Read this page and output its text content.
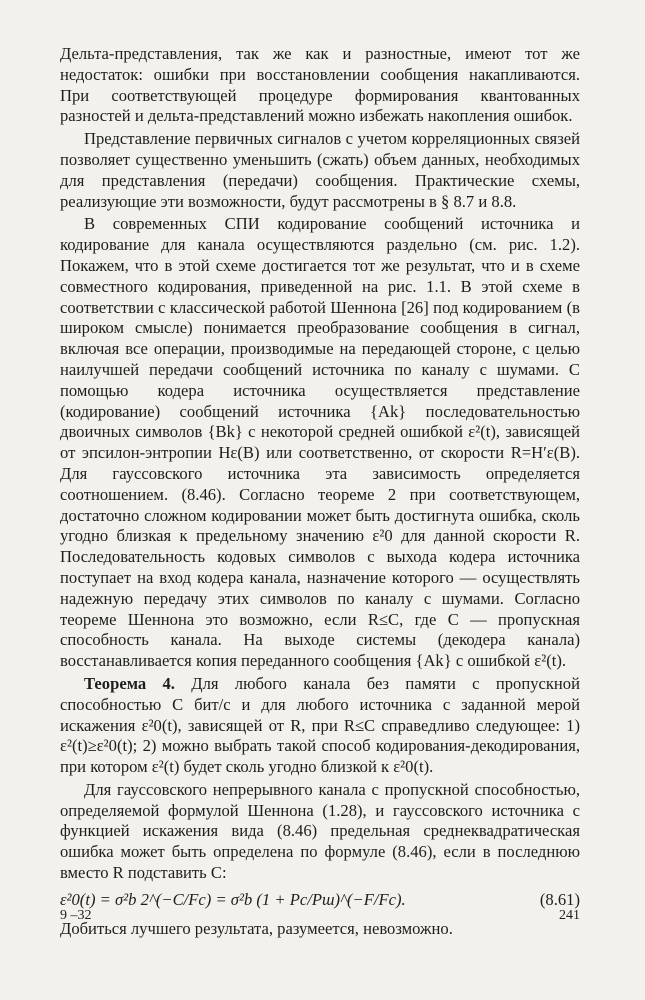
Дельта-представления, так же как и разностные, имеют тот же недостаток: ошибки при восстановлении сообщения накапливаются. При соответствующей процедуре формирования квантованных разностей и дельта-представлений можно избежать накопления ошибок.

Представление первичных сигналов с учетом корреляционных связей позволяет существенно уменьшить (сжать) объем данных, необходимых для представления (передачи) сообщения. Практические схемы, реализующие эти возможности, будут рассмотрены в § 8.7 и 8.8.

В современных СПИ кодирование сообщений источника и кодирование для канала осуществляются раздельно (см. рис. 1.2). Покажем, что в этой схеме достигается тот же результат, что и в схеме совместного кодирования, приведенной на рис. 1.1. В этой схеме в соответствии с классической работой Шеннона [26] под кодированием (в широком смысле) понимается преобразование сообщения в сигнал, включая все операции, производимые на передающей стороне, с целью наилучшей передачи сообщений источника по каналу с шумами. С помощью кодера источника осуществляется представление (кодирование) сообщений источника {Ak} последовательностью двоичных символов {Bk} с некоторой средней ошибкой ε²(t), зависящей от эпсилон-энтропии Hε(B) или соответственно, от скорости R=H′ε(B). Для гауссовского источника эта зависимость определяется соотношением. (8.46). Согласно теореме 2 при соответствующем, достаточно сложном кодировании может быть достигнута ошибка, сколь угодно близкая к предельному значению ε²0 для данной скорости R. Последовательность кодовых символов с выхода кодера источника поступает на вход кодера канала, назначение которого — осуществлять надежную передачу этих символов по каналу с шумами. Согласно теореме Шеннона это возможно, если R≤C, где C — пропускная способность канала. На выходе системы (декодера канала) восстанавливается копия переданного сообщения {Ak} с ошибкой ε²(t).

Теорема 4. Для любого канала без памяти с пропускной способностью C бит/с и для любого источника с заданной мерой искажения ε²0(t), зависящей от R, при R≤C справедливо следующее: 1) ε²(t)≥ε²0(t); 2) можно выбрать такой способ кодирования-декодирования, при котором ε²(t) будет сколь угодно близкой к ε²0(t).

Для гауссовского непрерывного канала с пропускной способностью, определяемой формулой Шеннона (1.28), и гауссовского источника с функцией искажения вида (8.46) предельная среднеквадратическая ошибка может быть определена по формуле (8.46), если в последнюю вместо R подставить C:

ε²0(t) = σ²b 2^(−C/Fc) = σ²b (1 + Pc/Pш)^(−F/Fc).	(8.61)

Добиться лучшего результата, разумеется, невозможно.

9 –32	241
